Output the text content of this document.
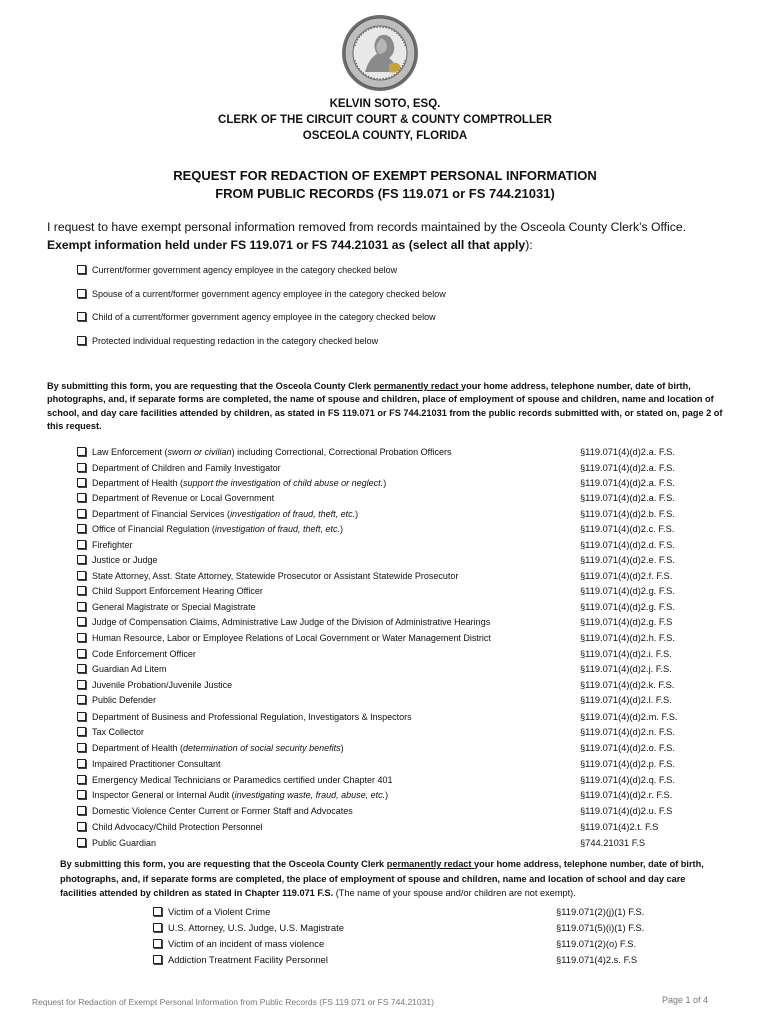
KELVIN SOTO, ESQ.
CLERK OF THE CIRCUIT COURT & COUNTY COMPTROLLER
OSCEOLA COUNTY, FLORIDA
REQUEST FOR REDACTION OF EXEMPT PERSONAL INFORMATION
FROM PUBLIC RECORDS (FS 119.071 or FS 744.21031)
I request to have exempt personal information removed from records maintained by the Osceola County Clerk’s Office.
Exempt information held under FS 119.071 or FS 744.21031 as (select all that apply):
Current/former government agency employee in the category checked below
Spouse of a current/former government agency employee in the category checked below
Child of a current/former government agency employee in the category checked below
Protected individual requesting redaction in the category checked below
By submitting this form, you are requesting that the Osceola County Clerk permanently redact your home address, telephone number, date of birth, photographs, and, if separate forms are completed, the name of spouse and children, place of employment of spouse and children, name and location of school, and day care facilities attended by children, as stated in FS 119.071 or FS 744.21031 from the public records submitted with, or stated on, page 2 of this request.
Law Enforcement (sworn or civilian) including Correctional, Correctional Probation Officers	§119.071(4)(d)2.a. F.S.
Department of Children and Family Investigator	§119.071(4)(d)2.a. F.S.
Department of Health (support the investigation of child abuse or neglect.)	§119.071(4)(d)2.a. F.S.
Department of Revenue or Local Government	§119.071(4)(d)2.a. F.S.
Department of Financial Services (investigation of fraud, theft, etc.)	§119.071(4)(d)2.b. F.S.
Office of Financial Regulation (investigation of fraud, theft, etc.)	§119.071(4)(d)2.c. F.S.
Firefighter	§119.071(4)(d)2.d. F.S.
Justice or Judge	§119.071(4)(d)2.e. F.S.
State Attorney, Asst. State Attorney, Statewide Prosecutor or Assistant Statewide Prosecutor	§119.071(4)(d)2.f. F.S.
Child Support Enforcement Hearing Officer	§119.071(4)(d)2.g. F.S.
General Magistrate or Special Magistrate	§119.071(4)(d)2.g. F.S.
Judge of Compensation Claims, Administrative Law Judge of the Division of Administrative Hearings	§119.071(4)(d)2.g. F.S
Human Resource, Labor or Employee Relations of Local Government or Water Management District	§119.071(4)(d)2.h. F.S.
Code Enforcement Officer	§119.071(4)(d)2.i. F.S.
Guardian Ad Litem	§119.071(4)(d)2.j. F.S.
Juvenile Probation/Juvenile Justice	§119.071(4)(d)2.k. F.S.
Public Defender	§119.071(4)(d)2.l. F.S.
Department of Business and Professional Regulation, Investigators & Inspectors	§119.071(4)(d)2.m. F.S.
Tax Collector	§119.071(4)(d)2.n. F.S.
Department of Health (determination of social security benefits)	§119.071(4)(d)2.o. F.S.
Impaired Practitioner Consultant	§119.071(4)(d)2.p. F.S.
Emergency Medical Technicians or Paramedics certified under Chapter 401	§119.071(4)(d)2.q. F.S.
Inspector General or Internal Audit (investigating waste, fraud, abuse, etc.)	§119.071(4)(d)2.r. F.S.
Domestic Violence Center Current or Former Staff and Advocates	§119.071(4)(d)2.u. F.S
Child Advocacy/Child Protection Personnel	§119.071(4)2.t. F.S
Public Guardian	§744.21031 F.S
By submitting this form, you are requesting that the Osceola County Clerk permanently redact your home address, telephone number, date of birth, photographs, and, if separate forms are completed, the place of employment of spouse and children, name and location of school and day care facilities attended by children as stated in Chapter 119.071 F.S. (The name of your spouse and/or children are not exempt).
Victim of a Violent Crime	§119.071(2)(j)(1) F.S.
U.S. Attorney, U.S. Judge, U.S. Magistrate	§119.071(5)(i)(1) F.S.
Victim of an incident of mass violence	§119.071(2)(o) F.S.
Addiction Treatment Facility Personnel	§119.071(4)2.s. F.S
Request for Redaction of Exempt Personal Information from Public Records (FS 119.071 or FS 744.21031)	Page 1 of 4
